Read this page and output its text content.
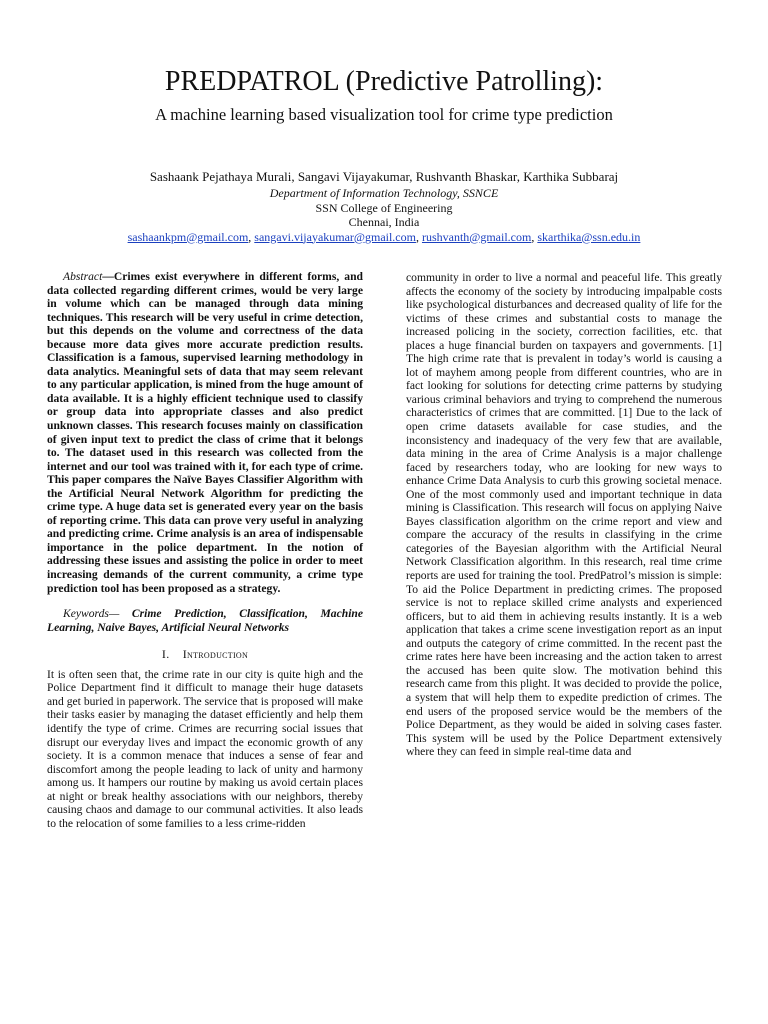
PREDPATROL (Predictive Patrolling):
A machine learning based visualization tool for crime type prediction
Sashaank Pejathaya Murali, Sangavi Vijayakumar, Rushvanth Bhaskar, Karthika Subbaraj
Department of Information Technology, SSNCE
SSN College of Engineering
Chennai, India
sashaankpm@gmail.com, sangavi.vijayakumar@gmail.com, rushvanth@gmail.com, skarthika@ssn.edu.in

Abstract—Crimes exist everywhere in different forms, and data collected regarding different crimes, would be very large in volume which can be managed through data mining techniques. This research will be very useful in crime detection, but this depends on the volume and correctness of the data because more data gives more accurate prediction results. Classification is a famous, supervised learning methodology in data analytics. Meaningful sets of data that may seem relevant to any particular application, is mined from the huge amount of data available. It is a highly efficient technique used to classify or group data into appropriate classes and also predict unknown classes. This research focuses mainly on classification of given input text to predict the class of crime that it belongs to. The dataset used in this research was collected from the internet and our tool was trained with it, for each type of crime. This paper compares the Naïve Bayes Classifier Algorithm with the Artificial Neural Network Algorithm for predicting the crime type. A huge data set is generated every year on the basis of reporting crime. This data can prove very useful in analyzing and predicting crime. Crime analysis is an area of indispensable importance in the police department. In the notion of addressing these issues and assisting the police in order to meet increasing demands of the current community, a crime type prediction tool has been proposed as a strategy.

Keywords— Crime Prediction, Classification, Machine Learning, Naive Bayes, Artificial Neural Networks

I. Introduction

It is often seen that, the crime rate in our city is quite high and the Police Department find it difficult to manage their huge datasets and get buried in paperwork. The service that is proposed will make their tasks easier by managing the dataset efficiently and help them identify the type of crime. Crimes are recurring social issues that disrupt our everyday lives and impact the economic growth of any society. It is a common menace that induces a sense of fear and discomfort among the people leading to lack of unity and harmony among us. It hampers our routine by making us avoid certain places at night or break healthy associations with our neighbors, thereby causing chaos and damage to our communal activities. It also leads to the relocation of some families to a less crime-ridden

community in order to live a normal and peaceful life. This greatly affects the economy of the society by introducing impalpable costs like psychological disturbances and decreased quality of life for the victims of these crimes and substantial costs to manage the increased policing in the society, correction facilities, etc. that places a huge financial burden on taxpayers and governments. [1] The high crime rate that is prevalent in today’s world is causing a lot of mayhem among people from different countries, who are in fact looking for solutions for detecting crime patterns by studying various criminal behaviors and trying to comprehend the numerous characteristics of crimes that are committed. [1] Due to the lack of open crime datasets available for case studies, and the inconsistency and inadequacy of the very few that are available, data mining in the area of Crime Analysis is a major challenge faced by researchers today, who are looking for new ways to enhance Crime Data Analysis to curb this growing societal menace. One of the most commonly used and important technique in data mining is Classification. This research will focus on applying Naive Bayes classification algorithm on the crime report and view and compare the accuracy of the results in classifying in the crime categories of the Bayesian algorithm with the Artificial Neural Network Classification algorithm. In this research, real time crime reports are used for training the tool. PredPatrol’s mission is simple: To aid the Police Department in predicting crimes. The proposed service is not to replace skilled crime analysts and experienced officers, but to aid them in achieving results instantly. It is a web application that takes a crime scene investigation report as an input and outputs the category of crime committed. In the recent past the crime rates here have been increasing and the action taken to arrest the accused has been quite slow. The motivation behind this research came from this plight. It was decided to provide the police, a system that will help them to expedite prediction of crimes. The end users of the proposed service would be the members of the Police Department, as they would be aided in solving cases faster. This system will be used by the Police Department extensively where they can feed in simple real-time data and
